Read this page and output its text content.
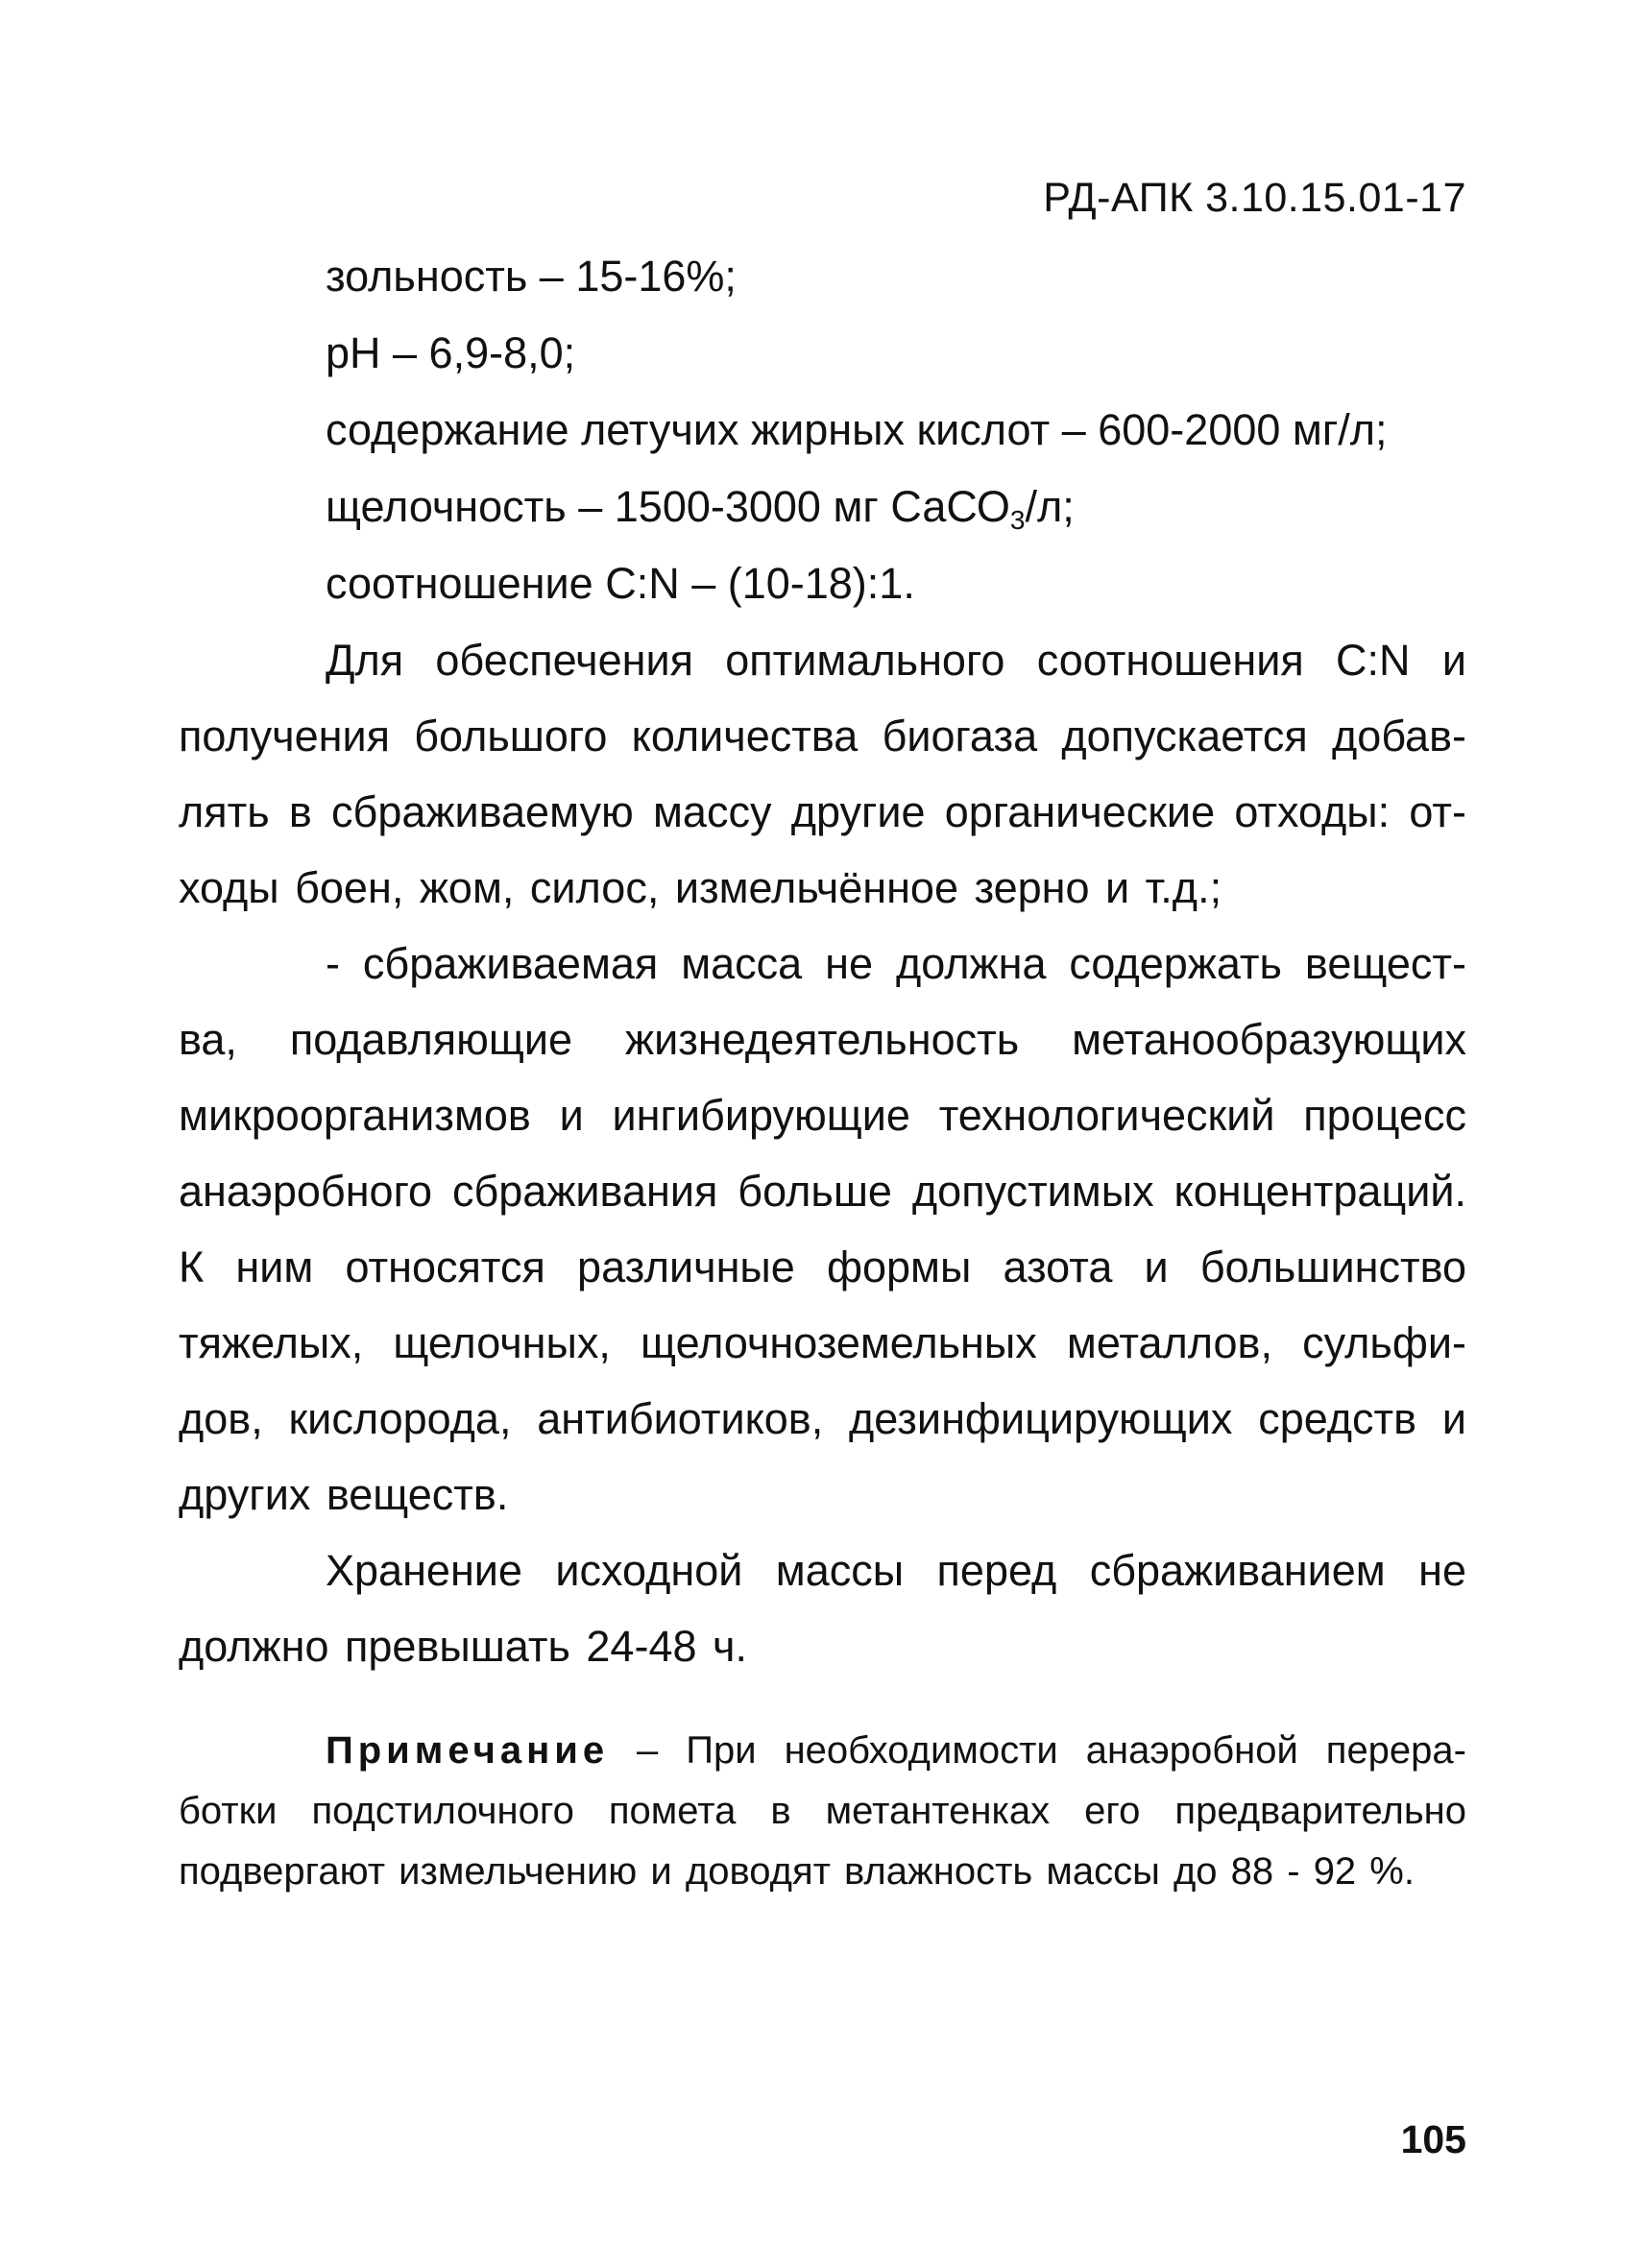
РД-АПК 3.10.15.01-17

зольность – 15-16%;

рН – 6,9-8,0;

содержание летучих жирных кислот – 600-2000 мг/л;

щелочность – 1500-3000 мг СаСО$_3$/л;

соотношение С:N – (10-18):1.

Для обеспечения оптимального соотношения С:N и получения большого количества биогаза допускается добавлять в сбраживаемую массу другие органические отходы: отходы боен, жом, силос, измельчённое зерно и т.д.;

- сбраживаемая масса не должна содержать вещества, подавляющие жизнедеятельность метанообразующих микроорганизмов и ингибирующие технологический процесс анаэробного сбраживания больше допустимых концентраций. К ним относятся различные формы азота и большинство тяжелых, щелочных, щелочноземельных металлов, сульфидов, кислорода, антибиотиков, дезинфицирующих средств и других веществ.

Хранение исходной массы перед сбраживанием не должно превышать 24-48 ч.

Примечание – При необходимости анаэробной переработки подстилочного помета в метантенках его предварительно подвергают измельчению и доводят влажность массы до 88 - 92 %.

105
